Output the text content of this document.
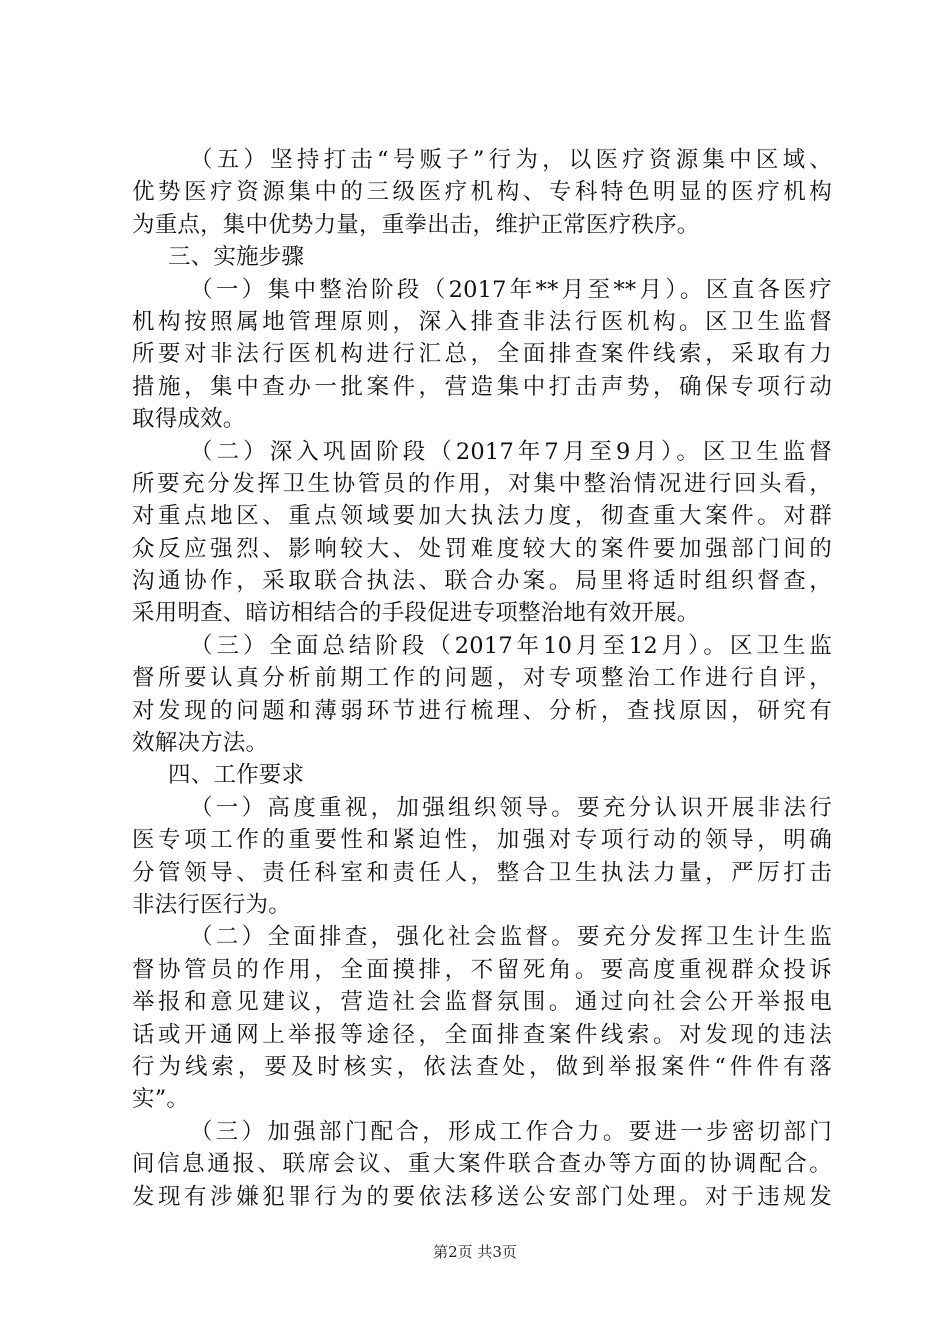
（五）坚持打击“号贩子”行为，以医疗资源集中区域、
优势医疗资源集中的三级医疗机构、专科特色明显的医疗机构
为重点，集中优势力量，重拳出击，维护正常医疗秩序。
三、实施步骤
（一）集中整治阶段（2017年**月至**月）。区直各医疗
机构按照属地管理原则，深入排查非法行医机构。区卫生监督
所要对非法行医机构进行汇总，全面排查案件线索，采取有力
措施，集中查办一批案件，营造集中打击声势，确保专项行动
取得成效。
（二）深入巩固阶段（2017年7月至9月）。区卫生监督
所要充分发挥卫生协管员的作用，对集中整治情况进行回头看，
对重点地区、重点领域要加大执法力度，彻查重大案件。对群
众反应强烈、影响较大、处罚难度较大的案件要加强部门间的
沟通协作，采取联合执法、联合办案。局里将适时组织督查，
采用明查、暗访相结合的手段促进专项整治地有效开展。
（三）全面总结阶段（2017年10月至12月）。区卫生监
督所要认真分析前期工作的问题，对专项整治工作进行自评，
对发现的问题和薄弱环节进行梳理、分析，查找原因，研究有
效解决方法。
四、工作要求
（一）高度重视，加强组织领导。要充分认识开展非法行
医专项工作的重要性和紧迫性，加强对专项行动的领导，明确
分管领导、责任科室和责任人，整合卫生执法力量，严厉打击
非法行医行为。
（二）全面排查，强化社会监督。要充分发挥卫生计生监
督协管员的作用，全面摸排，不留死角。要高度重视群众投诉
举报和意见建议，营造社会监督氛围。通过向社会公开举报电
话或开通网上举报等途径，全面排查案件线索。对发现的违法
行为线索，要及时核实，依法查处，做到举报案件“件件有落
实”。
（三）加强部门配合，形成工作合力。要进一步密切部门
间信息通报、联席会议、重大案件联合查办等方面的协调配合。
发现有涉嫌犯罪行为的要依法移送公安部门处理。对于违规发
第2页 共3页
